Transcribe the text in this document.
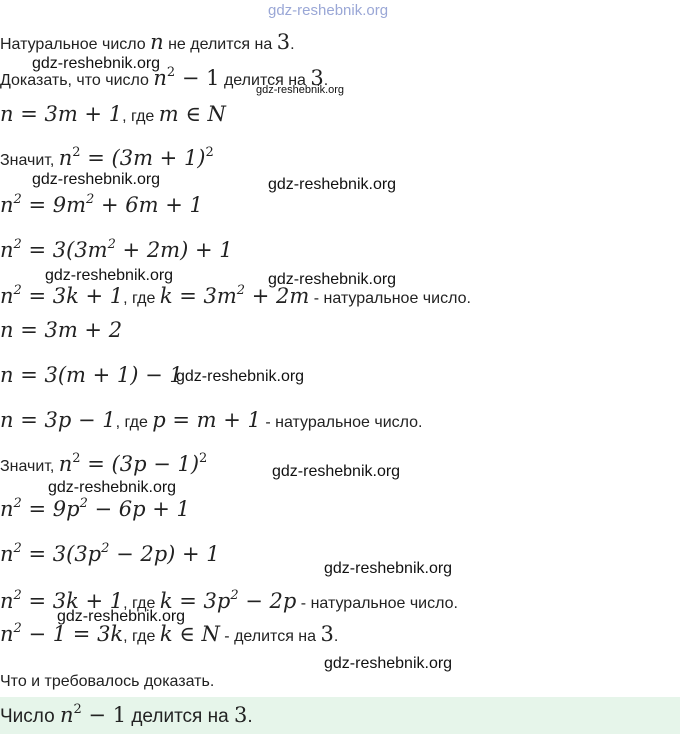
gdz-reshebnik.org
gdz-reshebnik.org
gdz-reshebnik.org
gdz-reshebnik.org	gdz-reshebnik.org
gdz-reshebnik.org	gdz-reshebnik.org
gdz-reshebnik.org
gdz-reshebnik.org
gdz-reshebnik.org
gdz-reshebnik.org
gdz-reshebnik.org
gdz-reshebnik.org
Натуральное число n не делится на 3.
Доказать, что число $n^2 - 1$ делится на 3.
n = 3m + 1, где m ∈ N
Значит, $n^2 = (3m + 1)^2$
$n^2 = 9m^2 + 6m + 1$
$n^2 = 3(3m^2 + 2m) + 1$
$n^2 = 3k + 1$, где $k = 3m^2 + 2m$ - натуральное число.
n = 3m + 2
n = 3(m + 1) − 1
n = 3p − 1, где p = m + 1 - натуральное число.
Значит, $n^2 = (3p - 1)^2$
$n^2 = 9p^2 - 6p + 1$
$n^2 = 3(3p^2 - 2p) + 1$
$n^2 = 3k + 1$, где $k = 3p^2 - 2p$ - натуральное число.
$n^2 - 1 = 3k$, где k ∈ N - делится на 3.
Что и требовалось доказать.
Число $n^2 - 1$ делится на 3.
